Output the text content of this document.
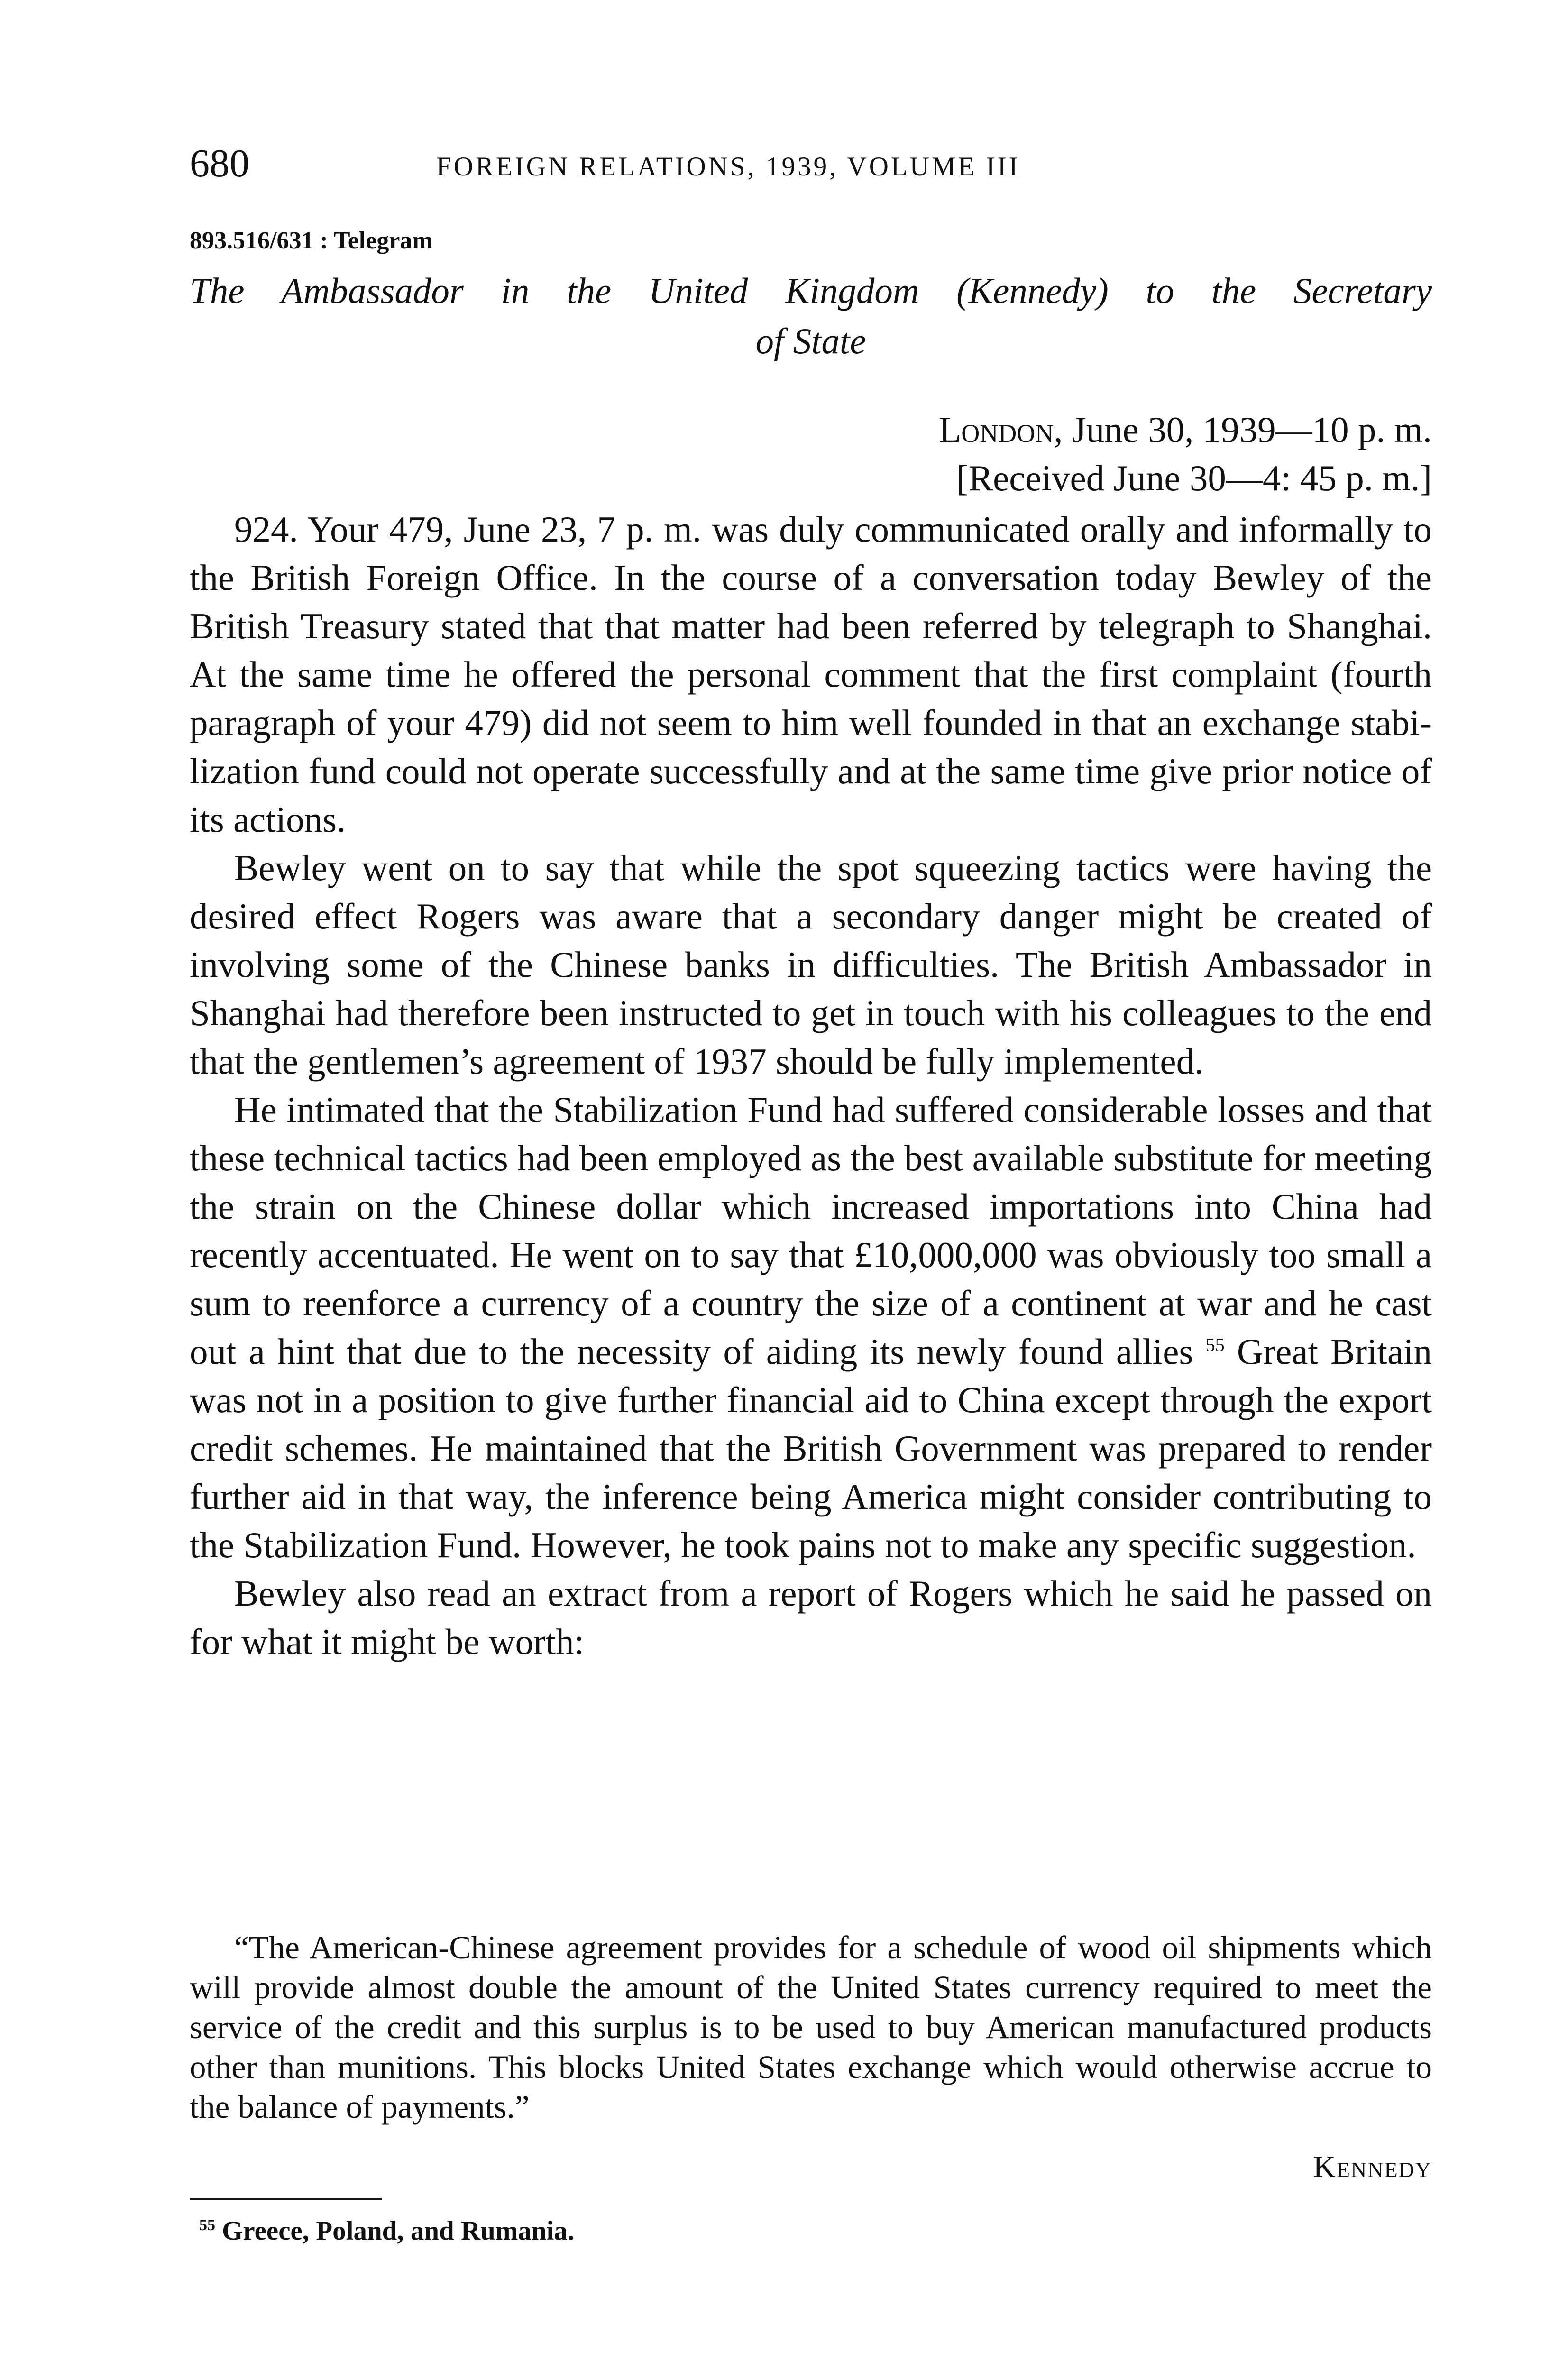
680	FOREIGN RELATIONS, 1939, VOLUME III
893.516/631 : Telegram
The Ambassador in the United Kingdom (Kennedy) to the Secretary
of State
London, June 30, 1939—10 p. m.
[Received June 30—4: 45 p. m.]

924. Your 479, June 23, 7 p. m. was duly communicated orally and informally to the British Foreign Office. In the course of a conversation today Bewley of the British Treasury stated that that matter had been referred by telegraph to Shanghai. At the same time he offered the personal comment that the first complaint (fourth paragraph of your 479) did not seem to him well founded in that an exchange stabilization fund could not operate successfully and at the same time give prior notice of its actions.

Bewley went on to say that while the spot squeezing tactics were having the desired effect Rogers was aware that a secondary danger might be created of involving some of the Chinese banks in difficulties. The British Ambassador in Shanghai had therefore been instructed to get in touch with his colleagues to the end that the gentlemen’s agreement of 1937 should be fully implemented.

He intimated that the Stabilization Fund had suffered considerable losses and that these technical tactics had been employed as the best available substitute for meeting the strain on the Chinese dollar which increased importations into China had recently accentuated. He went on to say that £10,000,000 was obviously too small a sum to reenforce a currency of a country the size of a continent at war and he cast out a hint that due to the necessity of aiding its newly found allies $^{55}$ Great Britain was not in a position to give further financial aid to China except through the export credit schemes. He maintained that the British Government was prepared to render further aid in that way, the inference being America might consider contributing to the Stabilization Fund. However, he took pains not to make any specific suggestion.

Bewley also read an extract from a report of Rogers which he said he passed on for what it might be worth:

“The American-Chinese agreement provides for a schedule of wood oil shipments which will provide almost double the amount of the United States currency required to meet the service of the credit and this surplus is to be used to buy American manufactured products other than munitions. This blocks United States exchange which would otherwise accrue to the balance of payments.”

Kennedy
$^{55}$ Greece, Poland, and Rumania.
